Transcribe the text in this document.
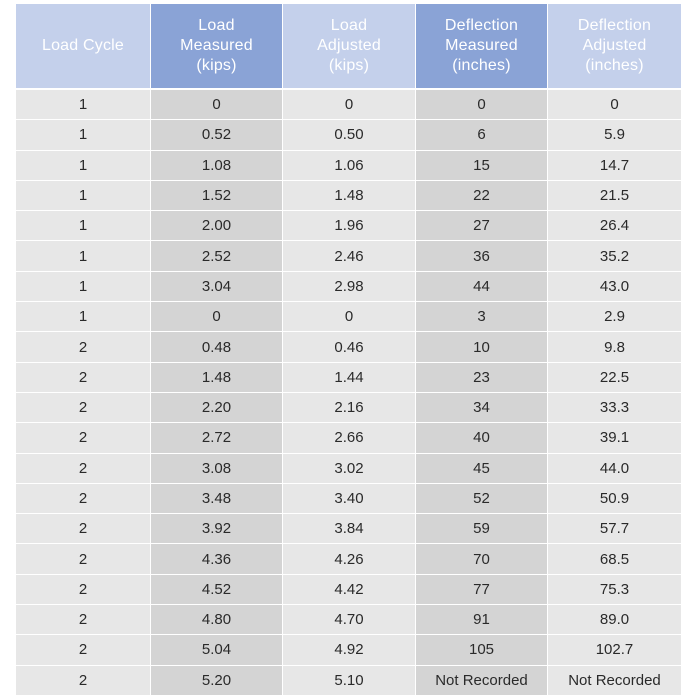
Load Cycle	Load
Measured
(kips)	Load
Adjusted
(kips)	Deflection
Measured
(inches)	Deflection
Adjusted
(inches)

1	0	0	0	0
1	0.52	0.50	6	5.9
1	1.08	1.06	15	14.7
1	1.52	1.48	22	21.5
1	2.00	1.96	27	26.4
1	2.52	2.46	36	35.2
1	3.04	2.98	44	43.0
1	0	0	3	2.9
2	0.48	0.46	10	9.8
2	1.48	1.44	23	22.5
2	2.20	2.16	34	33.3
2	2.72	2.66	40	39.1
2	3.08	3.02	45	44.0
2	3.48	3.40	52	50.9
2	3.92	3.84	59	57.7
2	4.36	4.26	70	68.5
2	4.52	4.42	77	75.3
2	4.80	4.70	91	89.0
2	5.04	4.92	105	102.7
2	5.20	5.10	Not Recorded	Not Recorded
